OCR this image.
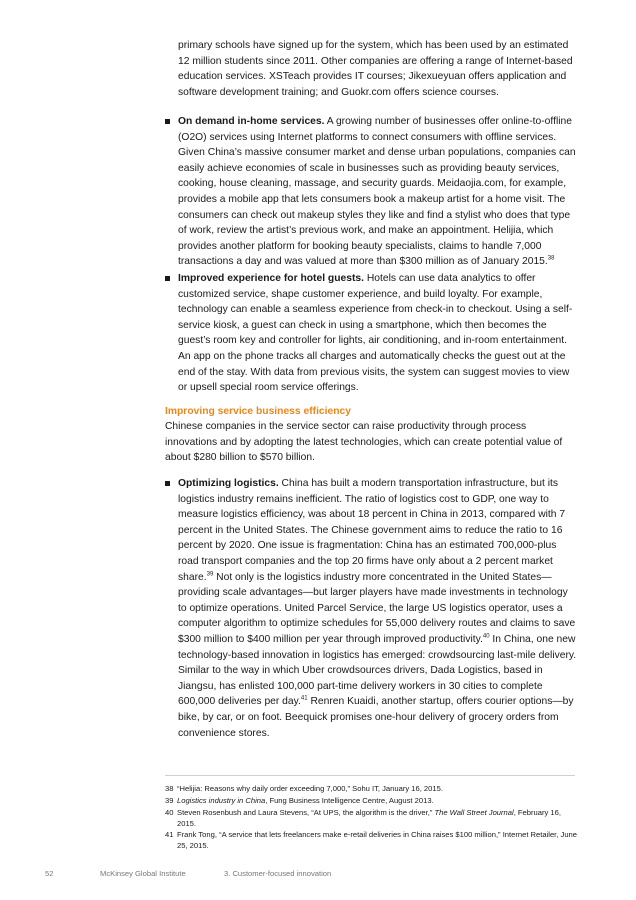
primary schools have signed up for the system, which has been used by an estimated 12 million students since 2011. Other companies are offering a range of Internet-based education services. XSTeach provides IT courses; Jikexueyuan offers application and software development training; and Guokr.com offers science courses.

On demand in-home services. A growing number of businesses offer online-to-offline (O2O) services using Internet platforms to connect consumers with offline services. Given China’s massive consumer market and dense urban populations, companies can easily achieve economies of scale in businesses such as providing beauty services, cooking, house cleaning, massage, and security guards. Meidaojia.com, for example, provides a mobile app that lets consumers book a makeup artist for a home visit. The consumers can check out makeup styles they like and find a stylist who does that type of work, review the artist’s previous work, and make an appointment. Helijia, which provides another platform for booking beauty specialists, claims to handle 7,000 transactions a day and was valued at more than $300 million as of January 2015.38

Improved experience for hotel guests. Hotels can use data analytics to offer customized service, shape customer experience, and build loyalty. For example, technology can enable a seamless experience from check-in to checkout. Using a self-service kiosk, a guest can check in using a smartphone, which then becomes the guest’s room key and controller for lights, air conditioning, and in-room entertainment. An app on the phone tracks all charges and automatically checks the guest out at the end of the stay. With data from previous visits, the system can suggest movies to view or upsell special room service offerings.

Improving service business efficiency

Chinese companies in the service sector can raise productivity through process innovations and by adopting the latest technologies, which can create potential value of about $280 billion to $570 billion.

Optimizing logistics. China has built a modern transportation infrastructure, but its logistics industry remains inefficient. The ratio of logistics cost to GDP, one way to measure logistics efficiency, was about 18 percent in China in 2013, compared with 7 percent in the United States. The Chinese government aims to reduce the ratio to 16 percent by 2020. One issue is fragmentation: China has an estimated 700,000-plus road transport companies and the top 20 firms have only about a 2 percent market share.$^{39}$ Not only is the logistics industry more concentrated in the United States—providing scale advantages—but larger players have made investments in technology to optimize operations. United Parcel Service, the large US logistics operator, uses a computer algorithm to optimize schedules for 55,000 delivery routes and claims to save $300 million to $400 million per year through improved productivity.$^{40}$ In China, one new technology-based innovation in logistics has emerged: crowdsourcing last-mile delivery. Similar to the way in which Uber crowdsources drivers, Dada Logistics, based in Jiangsu, has enlisted 100,000 part-time delivery workers in 30 cities to complete 600,000 deliveries per day.$^{41}$ Renren Kuaidi, another startup, offers courier options—by bike, by car, or on foot. Beequick promises one-hour delivery of grocery orders from convenience stores.

38 “Helijia: Reasons why daily order exceeding 7,000,” Sohu IT, January 16, 2015.

39 Logistics industry in China, Fung Business Intelligence Centre, August 2013.

40 Steven Rosenbush and Laura Stevens, “At UPS, the algorithm is the driver,” The Wall Street Journal, February 16, 2015.

41 Frank Tong, “A service that lets freelancers make e-retail deliveries in China raises $100 million,” Internet Retailer, June 25, 2015.

52	McKinsey Global Institute	3. Customer-focused innovation
